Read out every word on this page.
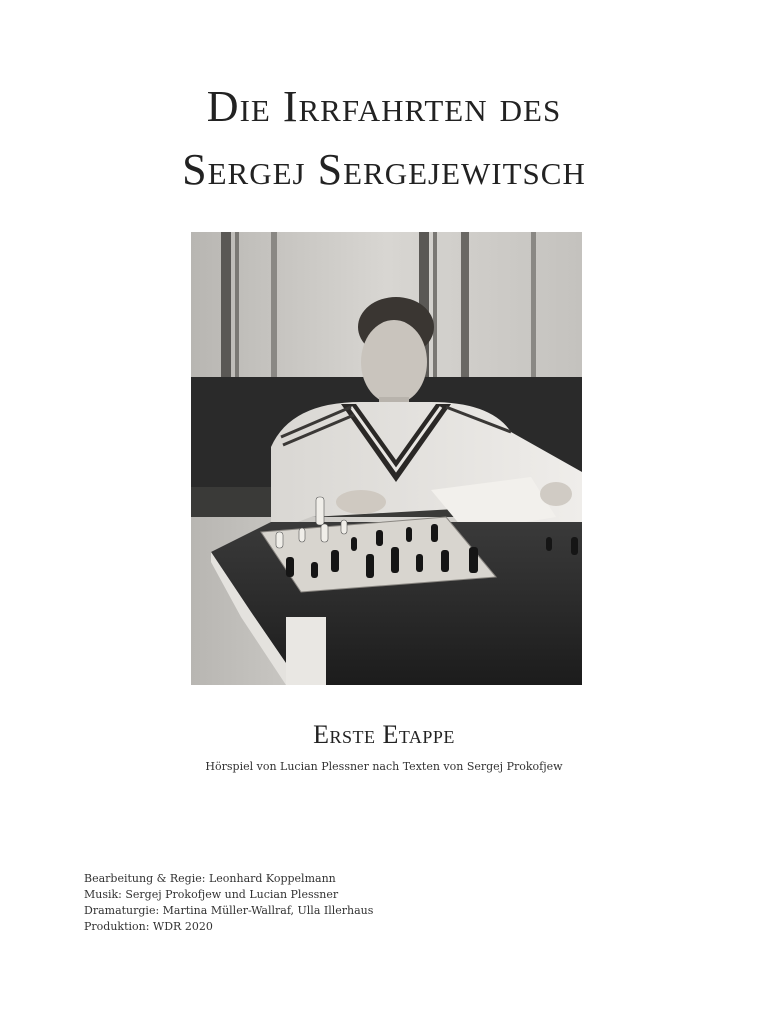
Die Irrfahrten des
Sergej Sergejewitsch
Erste Etappe
Hörspiel von Lucian Plessner nach Texten von Sergej Prokofjew
Bearbeitung & Regie: Leonhard Koppelmann
Musik: Sergej Prokofjew und Lucian Plessner
Dramaturgie: Martina Müller-Wallraf, Ulla Illerhaus
Produktion: WDR 2020
